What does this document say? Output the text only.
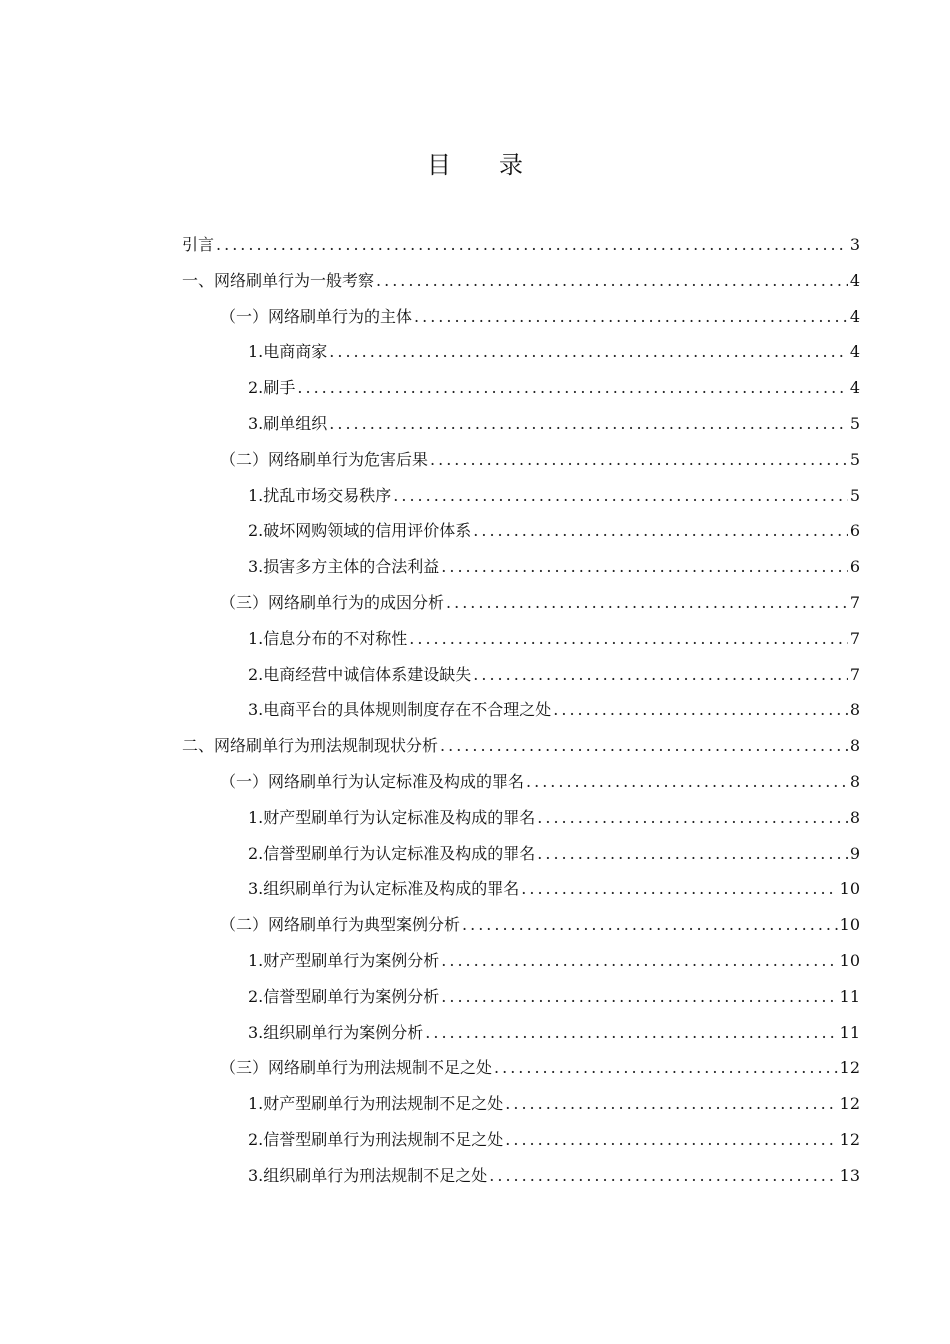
目 录
引言 .....	3
一、网络刷单行为一般考察 .....	4
（一） 网络刷单行为的主体 .....	4
1. 电商商家 .....	4
2. 刷手 .....	4
3. 刷单组织 .....	5
（二） 网络刷单行为危害后果 .....	5
1. 扰乱市场交易秩序 .....	5
2. 破坏网购领域的信用评价体系 .....	6
3. 损害多方主体的合法利益 .....	6
（三） 网络刷单行为的成因分析 .....	7
1. 信息分布的不对称性 .....	7
2. 电商经营中诚信体系建设缺失 .....	7
3. 电商平台的具体规则制度存在不合理之处 .....	8
二、网络刷单行为刑法规制现状分析 .....	8
（一） 网络刷单行为认定标准及构成的罪名 .....	8
1. 财产型刷单行为认定标准及构成的罪名 .....	8
2. 信誉型刷单行为认定标准及构成的罪名 .....	9
3. 组织刷单行为认定标准及构成的罪名 .....	10
（二） 网络刷单行为典型案例分析 .....	10
1. 财产型刷单行为案例分析 .....	10
2. 信誉型刷单行为案例分析 .....	11
3. 组织刷单行为案例分析 .....	11
（三） 网络刷单行为刑法规制不足之处 .....	12
1. 财产型刷单行为刑法规制不足之处 .....	12
2. 信誉型刷单行为刑法规制不足之处 .....	12
3. 组织刷单行为刑法规制不足之处 .....	13
